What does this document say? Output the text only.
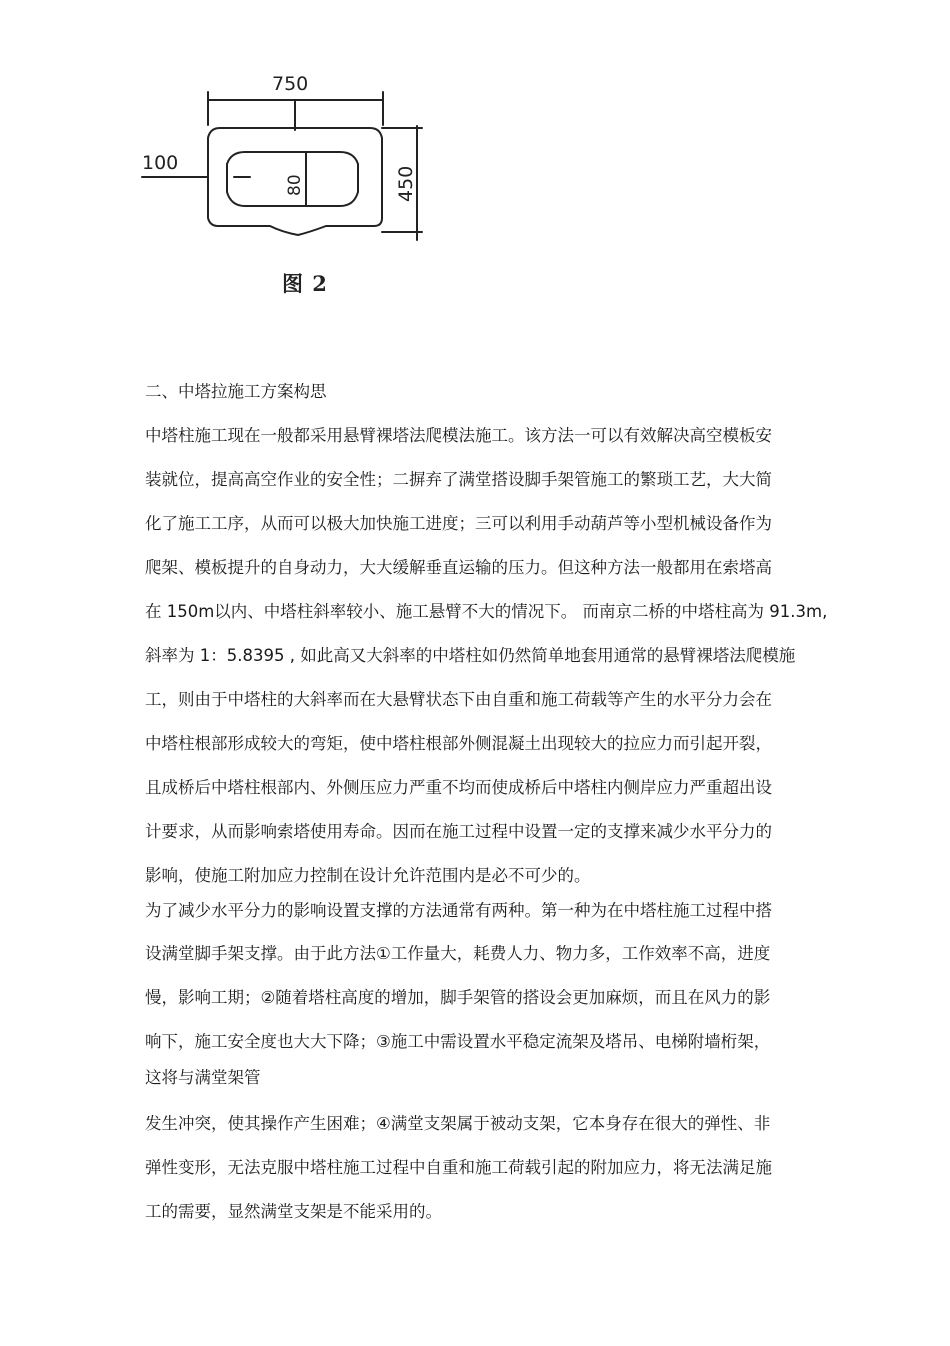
750
100
80	450
图 2
二、中塔拉施工方案构思
中塔柱施工现在一般都采用悬臂裸塔法爬模法施工。该方法一可以有效解决高空模板安
装就位，提高高空作业的安全性；二摒弃了满堂搭设脚手架管施工的繁琐工艺，大大简
化了施工工序，从而可以极大加快施工进度；三可以利用手动葫芦等小型机械设备作为
爬架、模板提升的自身动力，大大缓解垂直运输的压力。但这种方法一般都用在索塔高
在 150m以内、中塔柱斜率较小、施工悬臂不大的情况下。 而南京二桥的中塔柱高为 91.3m,
斜率为 1：5.8395 , 如此高又大斜率的中塔柱如仍然简单地套用通常的悬臂裸塔法爬模施
工，则由于中塔柱的大斜率而在大悬臂状态下由自重和施工荷载等产生的水平分力会在
中塔柱根部形成较大的弯矩，使中塔柱根部外侧混凝土出现较大的拉应力而引起开裂，
且成桥后中塔柱根部内、外侧压应力严重不均而使成桥后中塔柱内侧岸应力严重超出设
计要求，从而影响索塔使用寿命。因而在施工过程中设置一定的支撑来减少水平分力的
影响，使施工附加应力控制在设计允许范围内是必不可少的。
为了减少水平分力的影响设置支撑的方法通常有两种。第一种为在中塔柱施工过程中搭
设满堂脚手架支撑。由于此方法①工作量大，耗费人力、物力多，工作效率不高，进度
慢，影响工期；②随着塔柱高度的增加，脚手架管的搭设会更加麻烦，而且在风力的影
响下，施工安全度也大大下降；③施工中需设置水平稳定流架及塔吊、电梯附墙桁架，
这将与满堂架管
发生冲突，使其操作产生困难；④满堂支架属于被动支架，它本身存在很大的弹性、非
弹性变形，无法克服中塔柱施工过程中自重和施工荷载引起的附加应力，将无法满足施
工的需要，显然满堂支架是不能采用的。
